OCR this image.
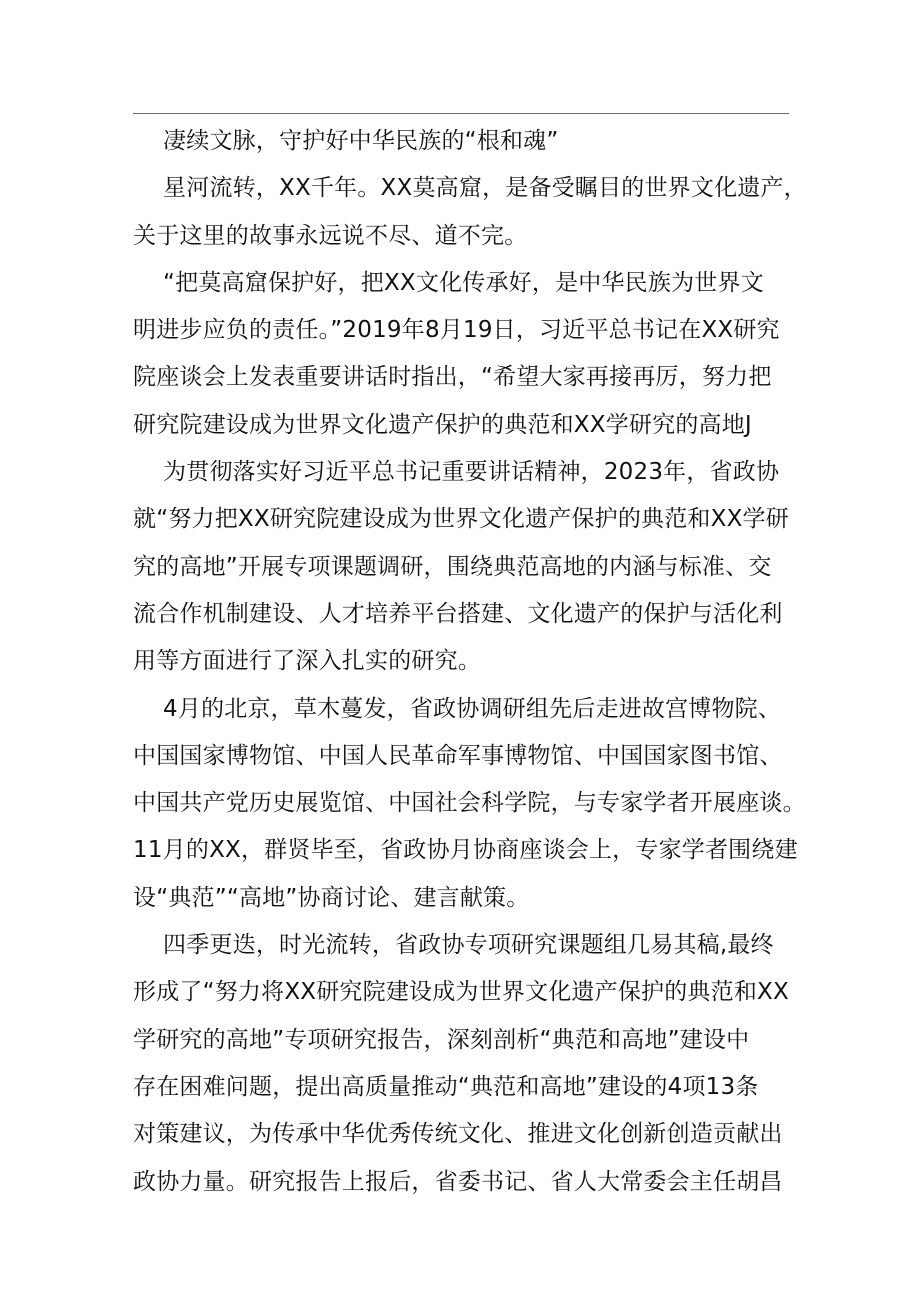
凄续文脉，守护好中华民族的“根和魂”
星河流转，XX千年。XX莫高窟，是备受瞩目的世界文化遗产，
关于这里的故事永远说不尽、道不完。
“把莫高窟保护好，把XX文化传承好，是中华民族为世界文
明进步应负的责任。”2019年8月19日，习近平总书记在XX研究
院座谈会上发表重要讲话时指出，“希望大家再接再厉，努力把
研究院建设成为世界文化遗产保护的典范和XX学研究的高地J
为贯彻落实好习近平总书记重要讲话精神，2023年，省政协
就“努力把XX研究院建设成为世界文化遗产保护的典范和XX学研
究的高地”开展专项课题调研，围绕典范高地的内涵与标准、交
流合作机制建设、人才培养平台搭建、文化遗产的保护与活化利
用等方面进行了深入扎实的研究。
4月的北京，草木蔓发，省政协调研组先后走进故宫博物院、
中国国家博物馆、中国人民革命军事博物馆、中国国家图书馆、
中国共产党历史展览馆、中国社会科学院，与专家学者开展座谈。
11月的XX，群贤毕至，省政协月协商座谈会上，专家学者围绕建
设“典范”“高地”协商讨论、建言献策。
四季更迭，时光流转，省政协专项研究课题组几易其稿,最终
形成了“努力将XX研究院建设成为世界文化遗产保护的典范和XX
学研究的高地”专项研究报告，深刻剖析“典范和高地”建设中
存在困难问题，提出高质量推动“典范和高地”建设的4项13条
对策建议，为传承中华优秀传统文化、推进文化创新创造贡献出
政协力量。研究报告上报后，省委书记、省人大常委会主任胡昌
